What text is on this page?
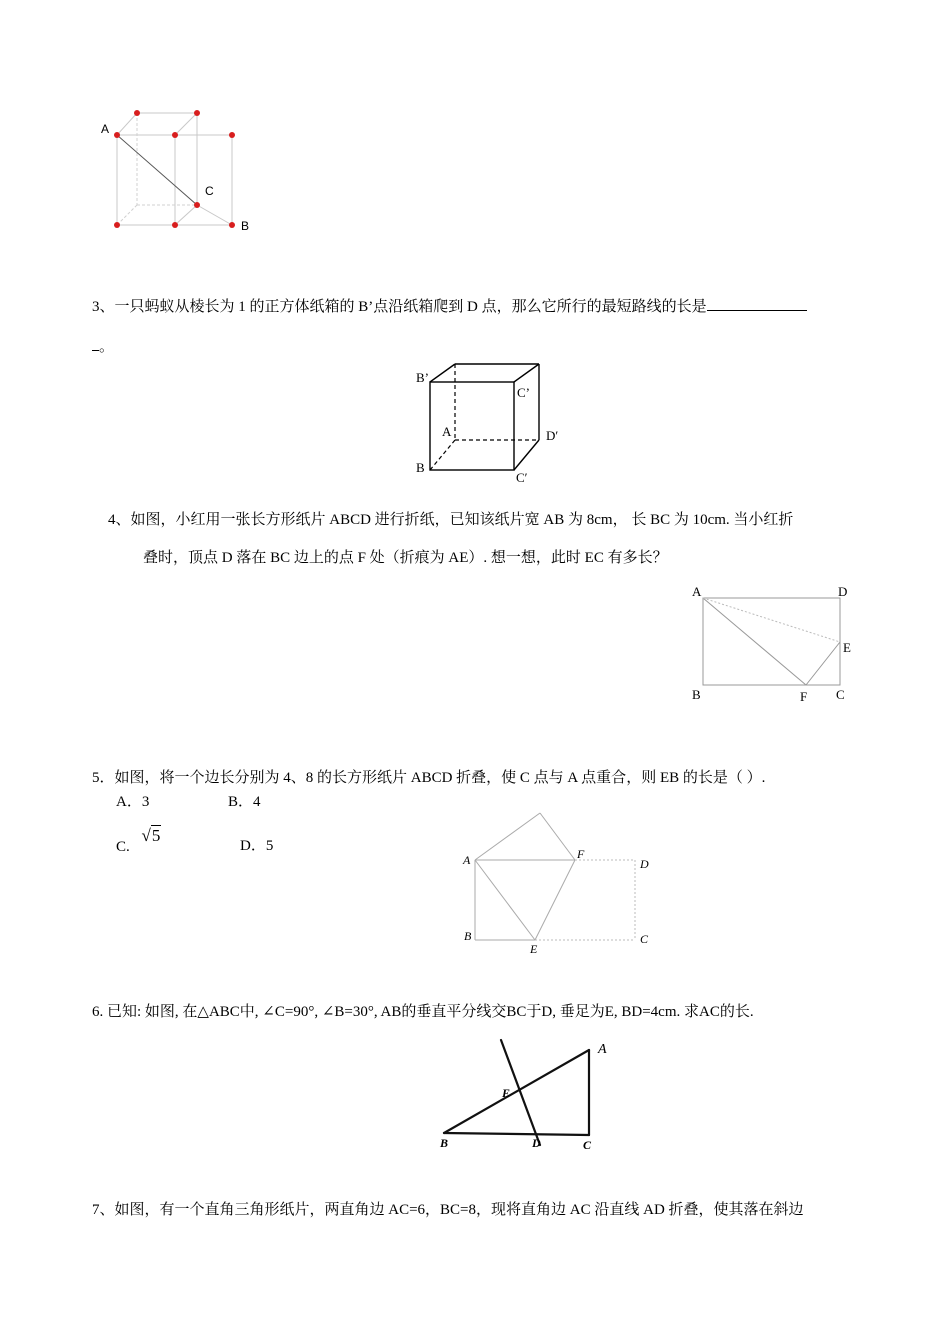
A
C
B
3、一只蚂蚁从棱长为 1 的正方体纸箱的 B’点沿纸箱爬到 D 点，那么它所行的最短路线的长是
。
B’
C’
A	D′
B
C′
4、如图，小红用一张长方形纸片 ABCD 进行折纸，已知该纸片宽 AB 为 8cm， 长 BC 为 10cm. 当小红折
叠时，顶点 D 落在 BC 边上的点 F 处（折痕为 AE）. 想一想，此时 EC 有多长？
A	D
E
B	F C
5．如图，将一个边长分别为 4、8 的长方形纸片 ABCD 折叠，使 C 点与 A 点重合，则 EB 的长是（ ）.
A．3	B．4
C. √5
D．5
A	F
D
B
E
C
6. 已知: 如图, 在△ABC中, ∠C=90°, ∠B=30°, AB的垂直平分线交BC于D, 垂足为E, BD=4cm. 求AC的长.
A
E
B	D	C
7、如图，有一个直角三角形纸片，两直角边 AC=6，BC=8，现将直角边 AC 沿直线 AD 折叠，使其落在斜边
